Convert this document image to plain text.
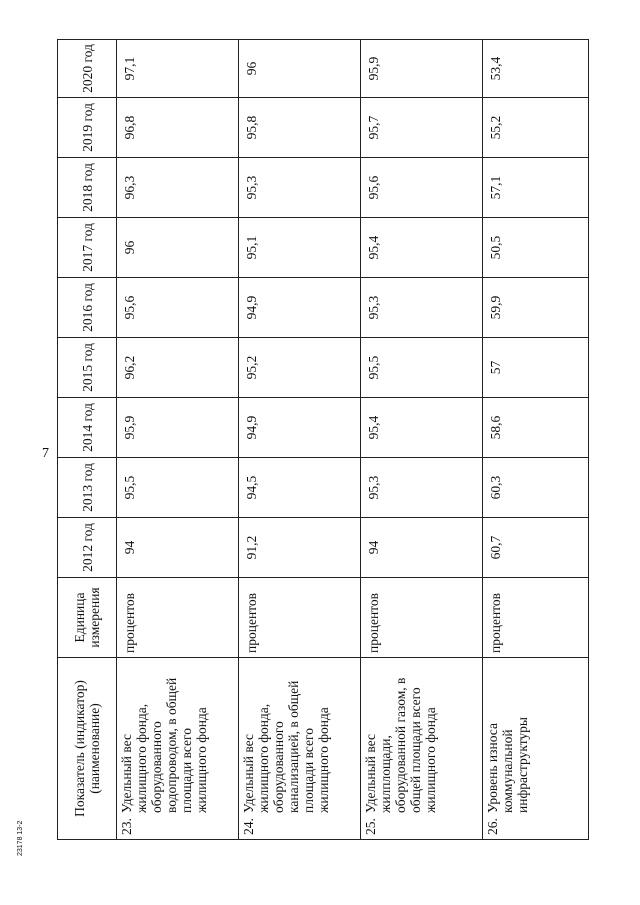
7
23178 13-2
Показатель (индикатор) (наименование)	Единица измерения	2012 год	2013 год	2014 год	2015 год	2016 год	2017 год	2018 год	2019 год	2020 год
23.Удельный вес жилищного фонда, оборудованного водопроводом, в общей площади всего жилищного фонда	процентов	94	95,5	95,9	96,2	95,6	96	96,3	96,8	97,1
24.Удельный вес жилищного фонда, оборудованного канализацией, в общей площади всего жилищного фонда	процентов	91,2	94,5	94,9	95,2	94,9	95,1	95,3	95,8	96
25.Удельный вес жилплощади, оборудованной газом, в общей площади всего жилищного фонда	процентов	94	95,3	95,4	95,5	95,3	95,4	95,6	95,7	95,9
26.Уровень износа коммунальной инфраструктуры	процентов	60,7	60,3	58,6	57	59,9	50,5	57,1	55,2	53,4
